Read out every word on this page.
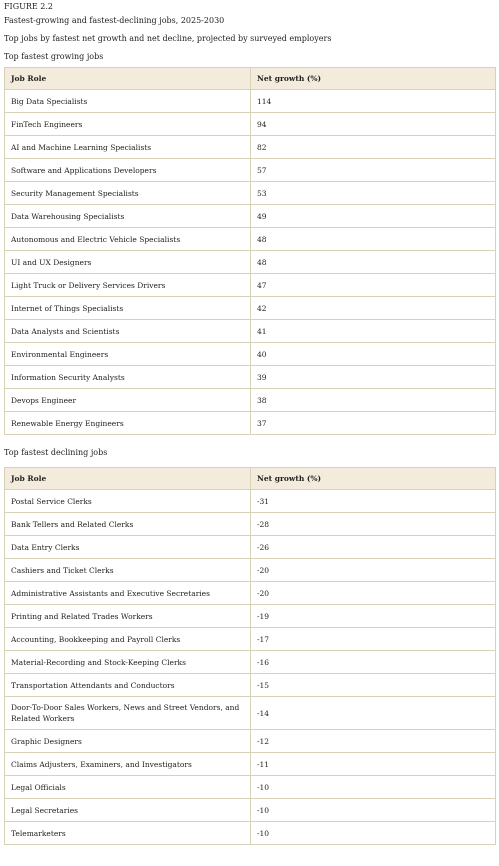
FIGURE 2.2
Fastest-growing and fastest-declining jobs, 2025-2030
Top jobs by fastest net growth and net decline, projected by surveyed employers
Top fastest growing jobs
Job Role	Net growth (%)
Big Data Specialists	114
FinTech Engineers	94
AI and Machine Learning Specialists	82
Software and Applications Developers	57
Security Management Specialists	53
Data Warehousing Specialists	49
Autonomous and Electric Vehicle Specialists	48
UI and UX Designers	48
Light Truck or Delivery Services Drivers	47
Internet of Things Specialists	42
Data Analysts and Scientists	41
Environmental Engineers	40
Information Security Analysts	39
Devops Engineer	38
Renewable Energy Engineers	37
Top fastest declining jobs
Job Role	Net growth (%)
Postal Service Clerks	-31
Bank Tellers and Related Clerks	-28
Data Entry Clerks	-26
Cashiers and Ticket Clerks	-20
Administrative Assistants and Executive Secretaries	-20
Printing and Related Trades Workers	-19
Accounting, Bookkeeping and Payroll Clerks	-17
Material-Recording and Stock-Keeping Clerks	-16
Transportation Attendants and Conductors	-15
Door-To-Door Sales Workers, News and Street Vendors, and Related Workers	-14
Graphic Designers	-12
Claims Adjusters, Examiners, and Investigators	-11
Legal Officials	-10
Legal Secretaries	-10
Telemarketers	-10
